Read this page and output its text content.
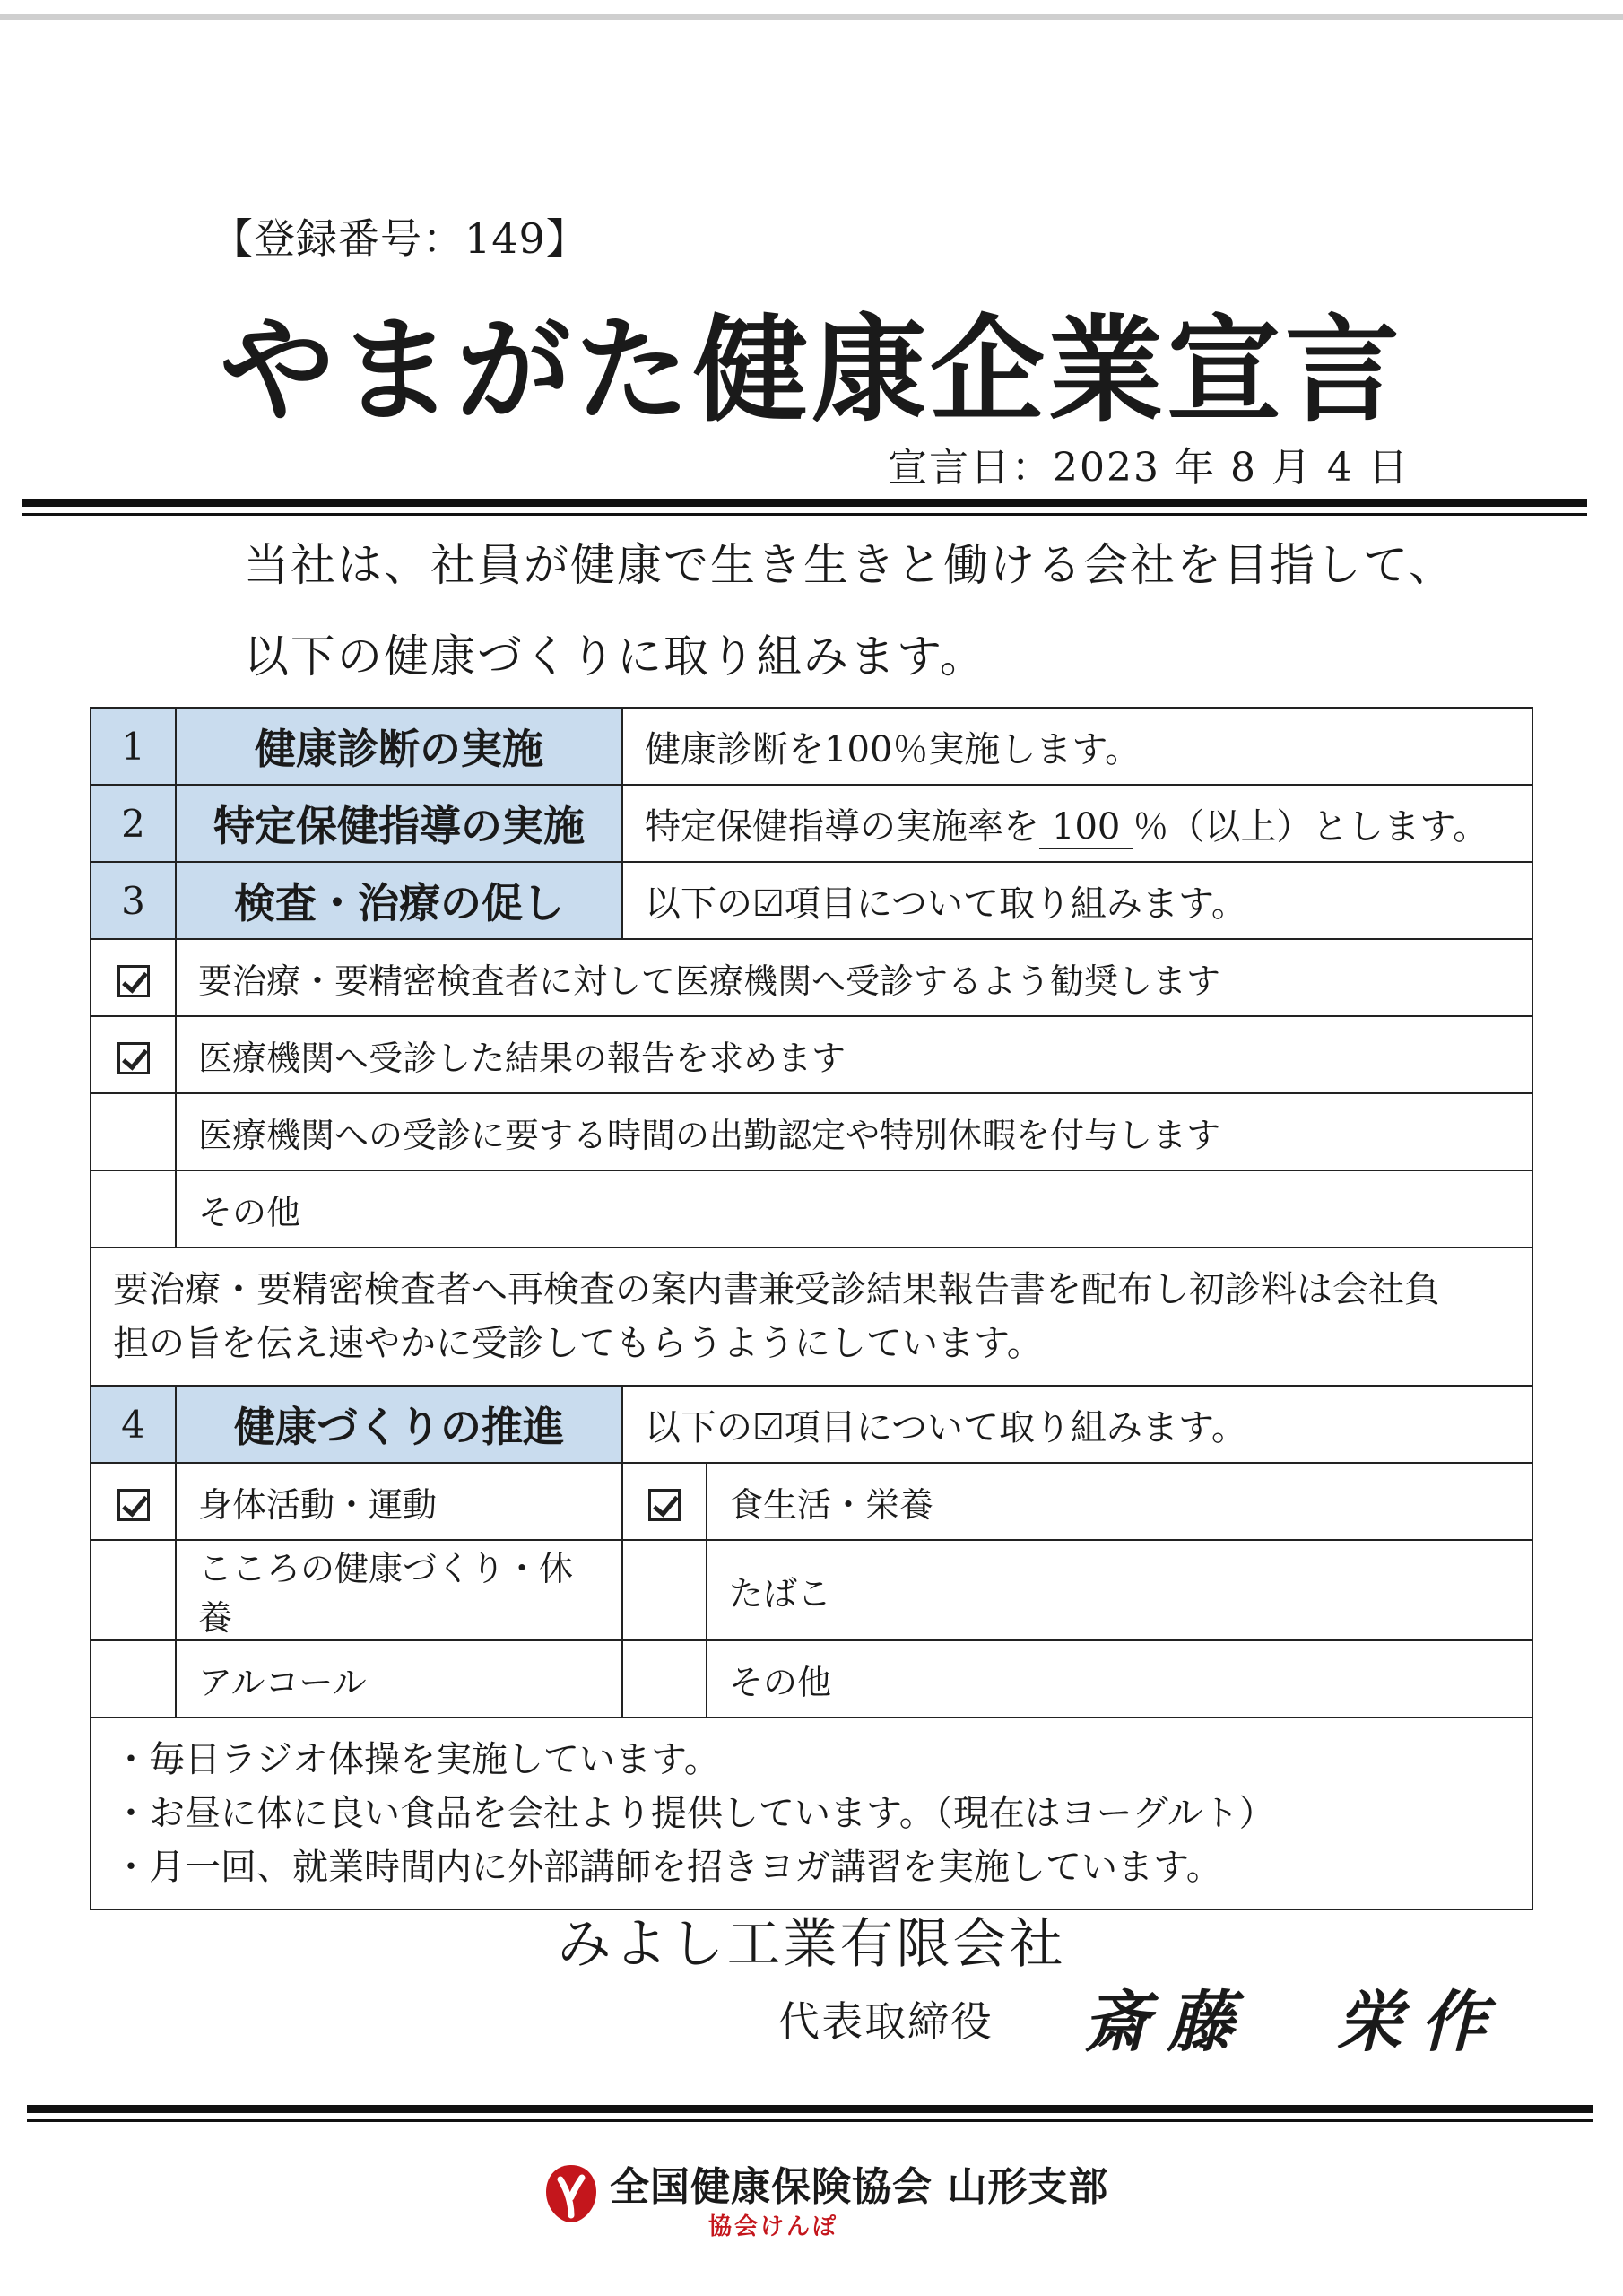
【登録番号：149】
やまがた健康企業宣言
宣言日：2023 年 8 月 4 日
当社は、社員が健康で生き生きと働ける会社を目指して、
以下の健康づくりに取り組みます。
1	健康診断の実施	健康診断を100％実施します。	
2	特定保健指導の実施	特定保健指導の実施率を 100 ％（以上）とします。	
3	検査・治療の促し	以下の☑項目について取り組みます。	
	要治療・要精密検査者に対して医療機関へ受診するよう勧奨します		
	医療機関へ受診した結果の報告を求めます		
	医療機関への受診に要する時間の出勤認定や特別休暇を付与します		
	その他		

要治療・要精密検査者へ再検査の案内書兼受診結果報告書を配布し初診料は会社負
担の旨を伝え速やかに受診してもらうようにしています。			

4	健康づくりの推進	以下の☑項目について取り組みます。	
	身体活動・運動		食生活・栄養
	こころの健康づくり・休養		たばこ
	アルコール		その他

・毎日ラジオ体操を実施しています。
・お昼に体に良い食品を会社より提供しています。（現在はヨーグルト）
・月一回、就業時間内に外部講師を招きヨガ講習を実施しています。			
みよし工業有限会社
代表取締役 斎藤　栄作
全国健康保険協会 山形支部
協会けんぽ
